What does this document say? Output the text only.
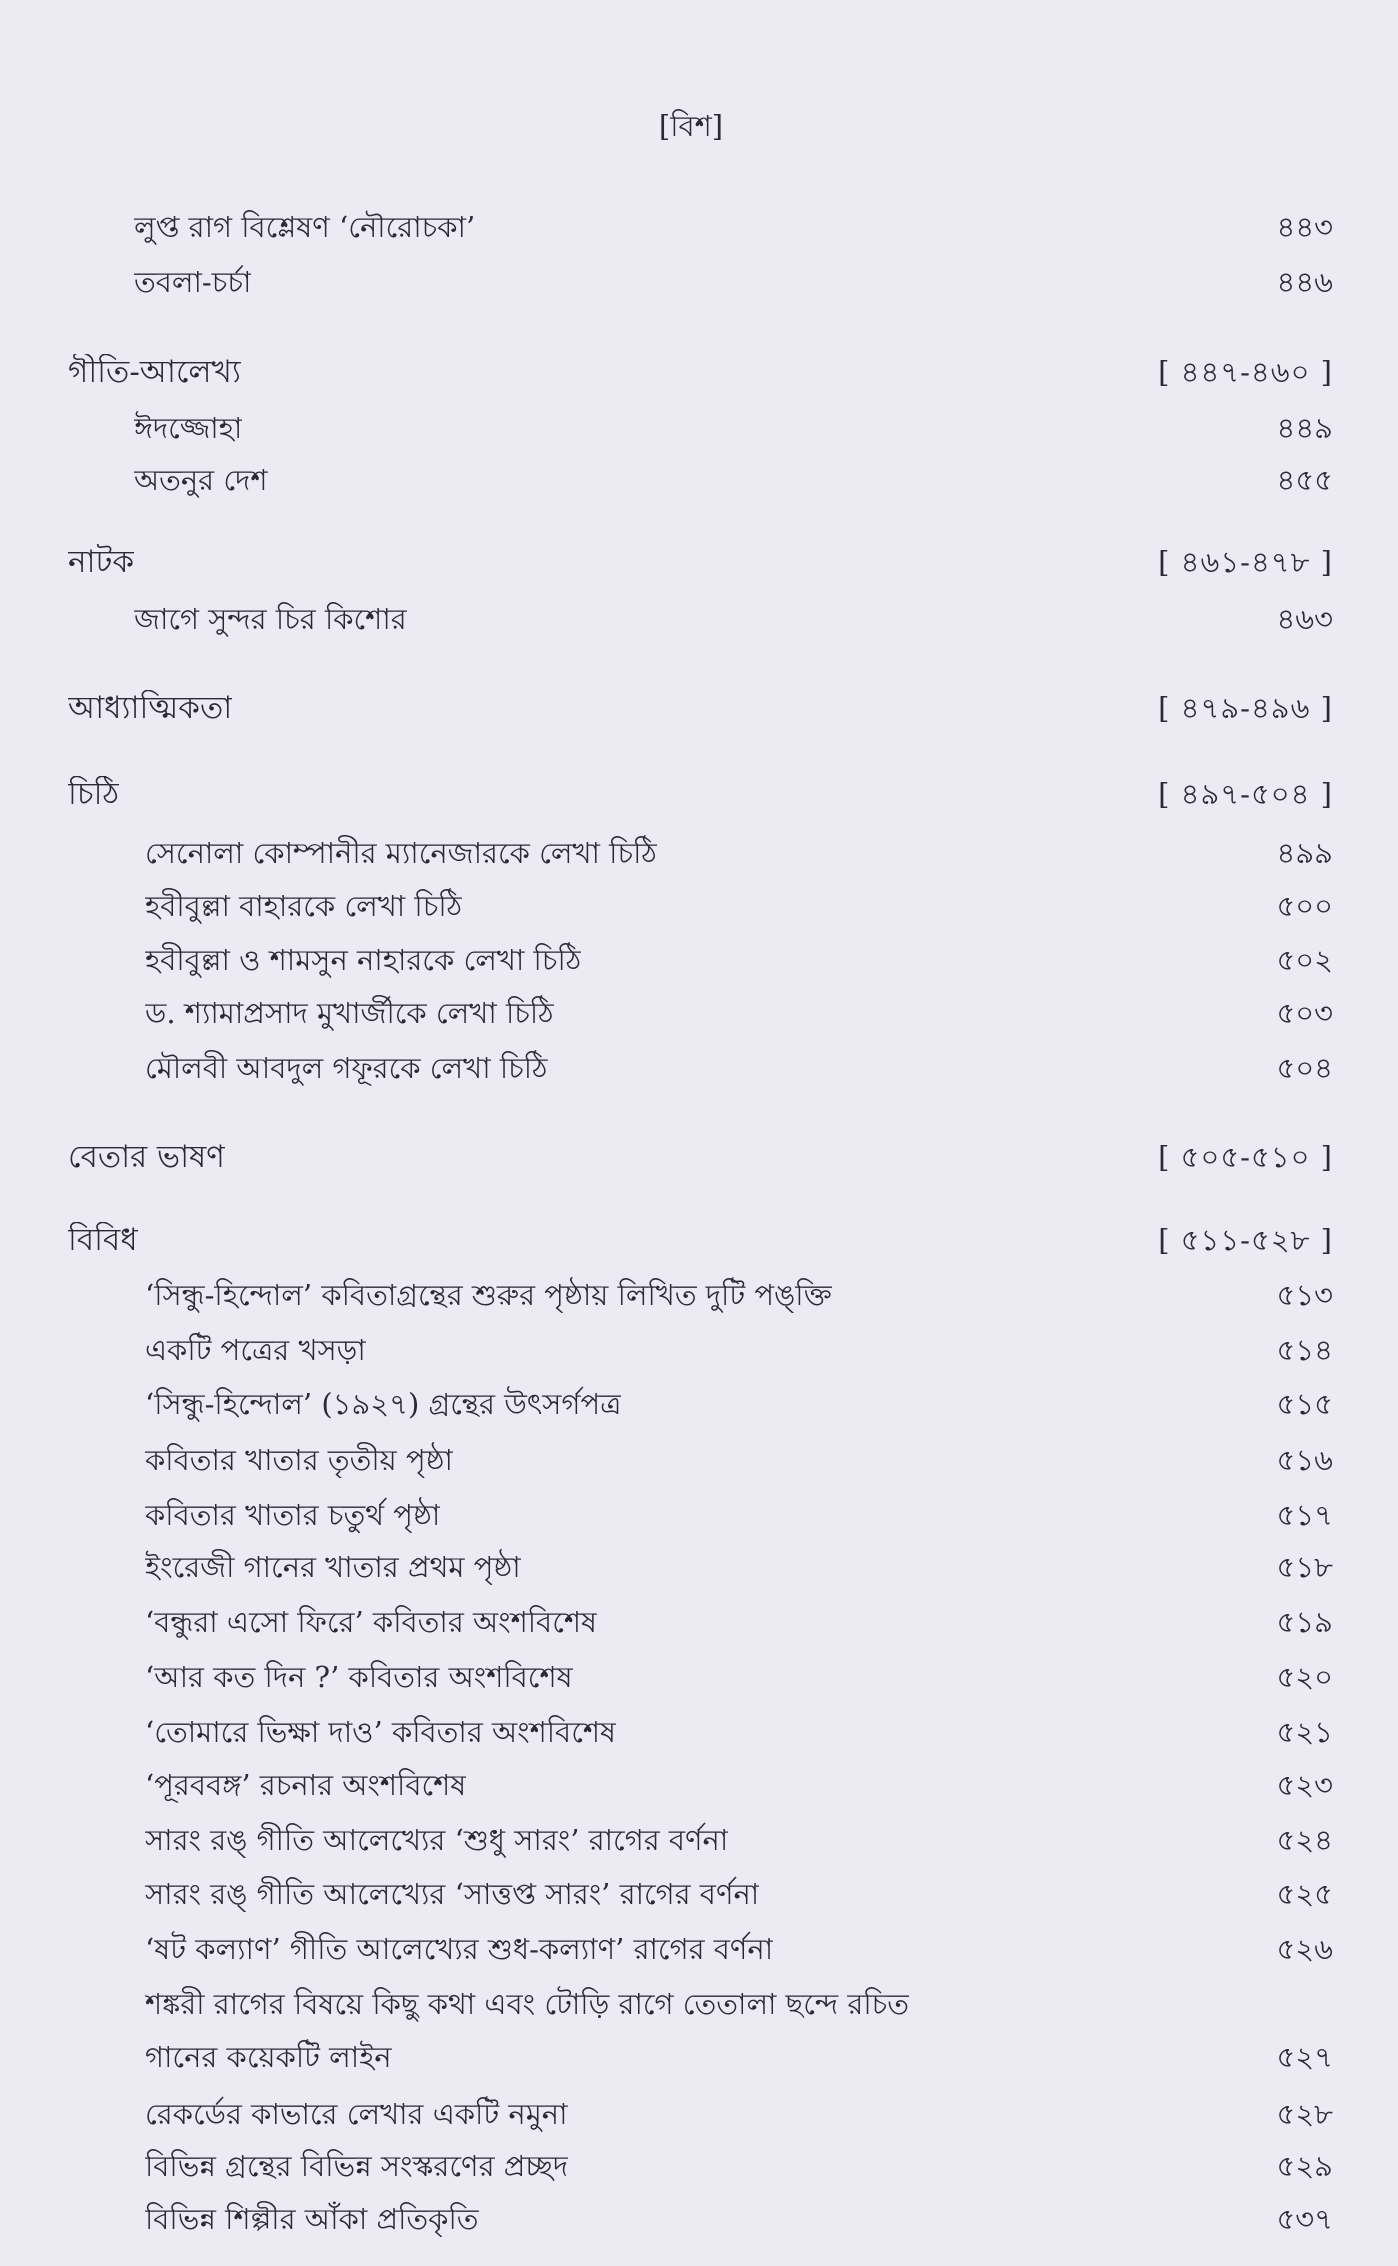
[বিশ]
লুপ্ত রাগ বিশ্লেষণ ‘নৌরোচকা’	৪৪৩
তবলা-চর্চা	৪৪৬
গীতি-আলেখ্য	[ ৪৪৭-৪৬০ ]
ঈদজ্জোহা	৪৪৯
অতনুর দেশ	৪৫৫
নাটক	[ ৪৬১-৪৭৮ ]
জাগে সুন্দর চির কিশোর	৪৬৩
আধ্যাত্মিকতা	[ ৪৭৯-৪৯৬ ]
চিঠি	[ ৪৯৭-৫০৪ ]
সেনোলা কোম্পানীর ম্যানেজারকে লেখা চিঠি	৪৯৯
হবীবুল্লা বাহারকে লেখা চিঠি	৫০০
হবীবুল্লা ও শামসুন নাহারকে লেখা চিঠি	৫০২
ড. শ্যামাপ্রসাদ মুখার্জীকে লেখা চিঠি	৫০৩
মৌলবী আবদুল গফূরকে লেখা চিঠি	৫০৪
বেতার ভাষণ	[ ৫০৫-৫১০ ]
বিবিধ	[ ৫১১-৫২৮ ]
‘সিন্ধু-হিন্দোল’ কবিতাগ্রন্থের শুরুর পৃষ্ঠায় লিখিত দুটি পঙ্‌ক্তি	৫১৩
একটি পত্রের খসড়া	৫১৪
‘সিন্ধু-হিন্দোল’ (১৯২৭) গ্রন্থের উৎসর্গপত্র	৫১৫
কবিতার খাতার তৃতীয় পৃষ্ঠা	৫১৬
কবিতার খাতার চতুর্থ পৃষ্ঠা	৫১৭
ইংরেজী গানের খাতার প্রথম পৃষ্ঠা	৫১৮
‘বন্ধুরা এসো ফিরে’ কবিতার অংশবিশেষ	৫১৯
‘আর কত দিন ?’ কবিতার অংশবিশেষ	৫২০
‘তোমারে ভিক্ষা দাও’ কবিতার অংশবিশেষ	৫২১
‘পূরববঙ্গ’ রচনার অংশবিশেষ	৫২৩
সারং রঙ্ গীতি আলেখ্যের ‘শুধু সারং’ রাগের বর্ণনা	৫২৪
সারং রঙ্ গীতি আলেখ্যের ‘সাত্তপ্ত সারং’ রাগের বর্ণনা	৫২৫
‘ষট কল্যাণ’ গীতি আলেখ্যের শুধ-কল্যাণ’ রাগের বর্ণনা	৫২৬
শঙ্করী রাগের বিষয়ে কিছু কথা এবং টোড়ি রাগে তেতালা ছন্দে রচিত
গানের কয়েকটি লাইন	৫২৭
রেকর্ডের কাভারে লেখার একটি নমুনা	৫২৮
বিভিন্ন গ্রন্থের বিভিন্ন সংস্করণের প্রচ্ছদ	৫২৯
বিভিন্ন শিল্পীর আঁকা প্রতিকৃতি	৫৩৭
